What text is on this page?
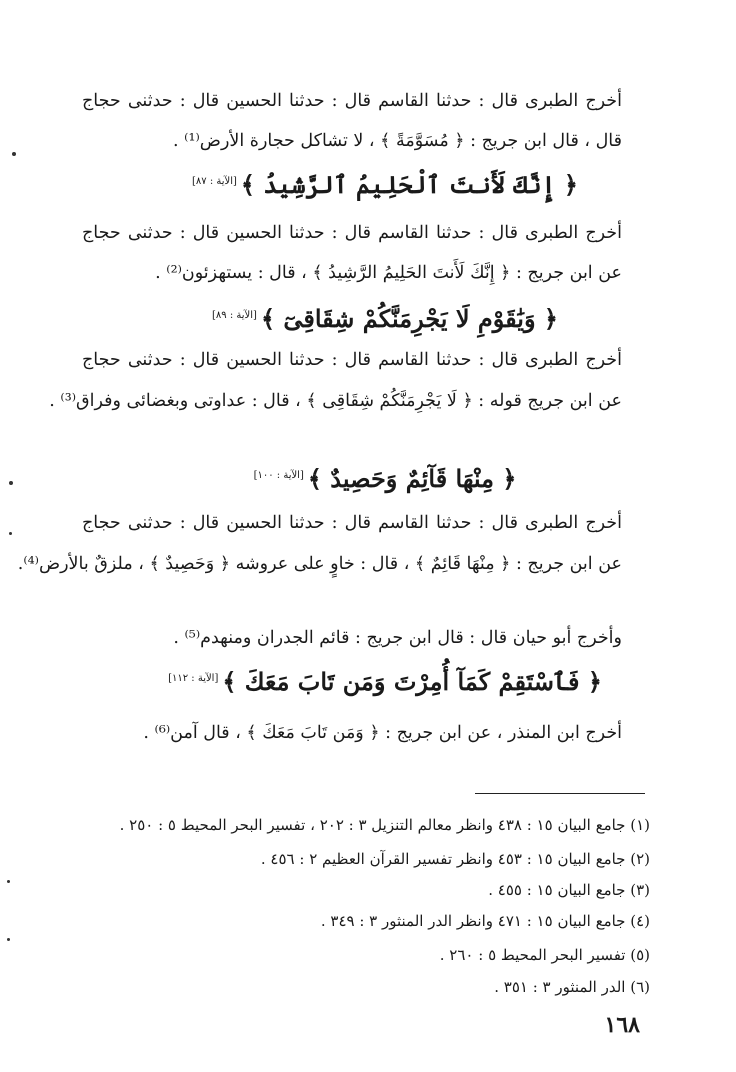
أخرج الطبرى قال : حدثنا القاسم قال : حدثنا الحسين قال : حدثنى حجاج
قال ، قال ابن جريج : ﴿ مُسَوَّمَةً ﴾ ، لا تشاكل حجارة الأرض⁽¹⁾ .
﴿ إِنَّكَ لَأَنتَ ٱلْحَلِيمُ ٱلرَّشِيدُ ﴾[الآية : ٨٧]
أخرج الطبرى قال : حدثنا القاسم قال : حدثنا الحسين قال : حدثنى حجاج
عن ابن جريج : ﴿ إِنَّكَ لَأَنتَ الحَلِيمُ الرَّشِيدُ ﴾ ، قال : يستهزئون⁽²⁾ .
﴿ وَيَٰقَوْمِ لَا يَجْرِمَنَّكُمْ شِقَاقِىٓ ﴾[الآية : ٨٩]
أخرج الطبرى قال : حدثنا القاسم قال : حدثنا الحسين قال : حدثنى حجاج
عن ابن جريج قوله : ﴿ لَا يَجْرِمَنَّكُمْ شِقَاقِى ﴾ ، قال : عداوتى وبغضائى وفراق⁽³⁾ .
﴿ مِنْهَا قَآئِمٌ وَحَصِيدٌ ﴾[الآية : ١٠٠]
أخرج الطبرى قال : حدثنا القاسم قال : حدثنا الحسين قال : حدثنى حجاج
عن ابن جريج : ﴿ مِنْهَا قَائِمٌ ﴾ ، قال : خاوٍ على عروشه ﴿ وَحَصِيدٌ ﴾ ، ملزقٌ بالأرض⁽⁴⁾.
وأخرج أبو حيان قال : قال ابن جريج : قائم الجدران ومنهدم⁽⁵⁾ .
﴿ فَٱسْتَقِمْ كَمَآ أُمِرْتَ وَمَن تَابَ مَعَكَ ﴾[الآية : ١١٢]
أخرج ابن المنذر ، عن ابن جريج : ﴿ وَمَن تَابَ مَعَكَ ﴾ ، قال آمن⁽⁶⁾ .
(١) جامع البيان ١٥ : ٤٣٨ وانظر معالم التنزيل ٣ : ٢٠٢ ، تفسير البحر المحيط ٥ : ٢٥٠ .
(٢) جامع البيان ١٥ : ٤٥٣ وانظر تفسير القرآن العظيم ٢ : ٤٥٦ .
(٣) جامع البيان ١٥ : ٤٥٥ .
(٤) جامع البيان ١٥ : ٤٧١ وانظر الدر المنثور ٣ : ٣٤٩ .
(٥) تفسير البحر المحيط ٥ : ٢٦٠ .
(٦) الدر المنثور ٣ : ٣٥١ .
١٦٨
